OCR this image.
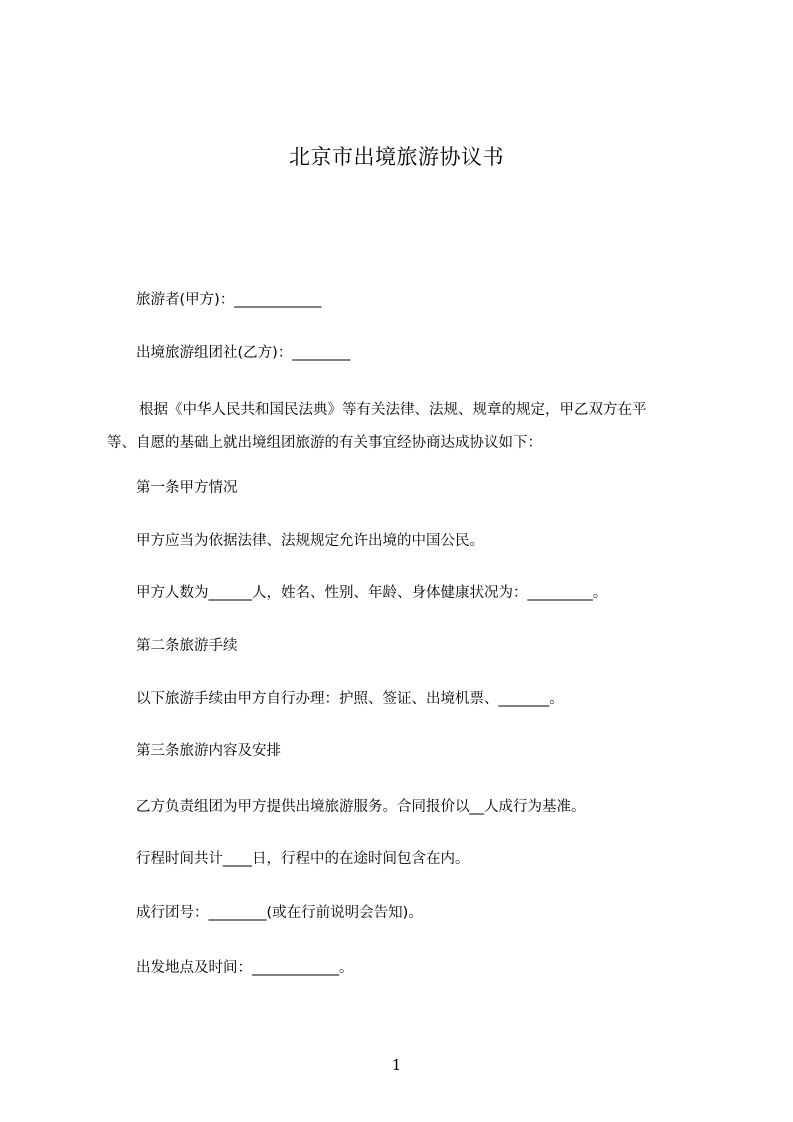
北京市出境旅游协议书
旅游者(甲方)：____________
出境旅游组团社(乙方)：________
根据《中华人民共和国民法典》等有关法律、法规、规章的规定，甲乙双方在平
等、自愿的基础上就出境组团旅游的有关事宜经协商达成协议如下：
第一条甲方情况
甲方应当为依据法律、法规规定允许出境的中国公民。
甲方人数为______人，姓名、性别、年龄、身体健康状况为：_________。
第二条旅游手续
以下旅游手续由甲方自行办理：护照、签证、出境机票、_______。
第三条旅游内容及安排
乙方负责组团为甲方提供出境旅游服务。合同报价以__人成行为基准。
行程时间共计____日，行程中的在途时间包含在内。
成行团号：________(或在行前说明会告知)。
出发地点及时间：____________。
1
